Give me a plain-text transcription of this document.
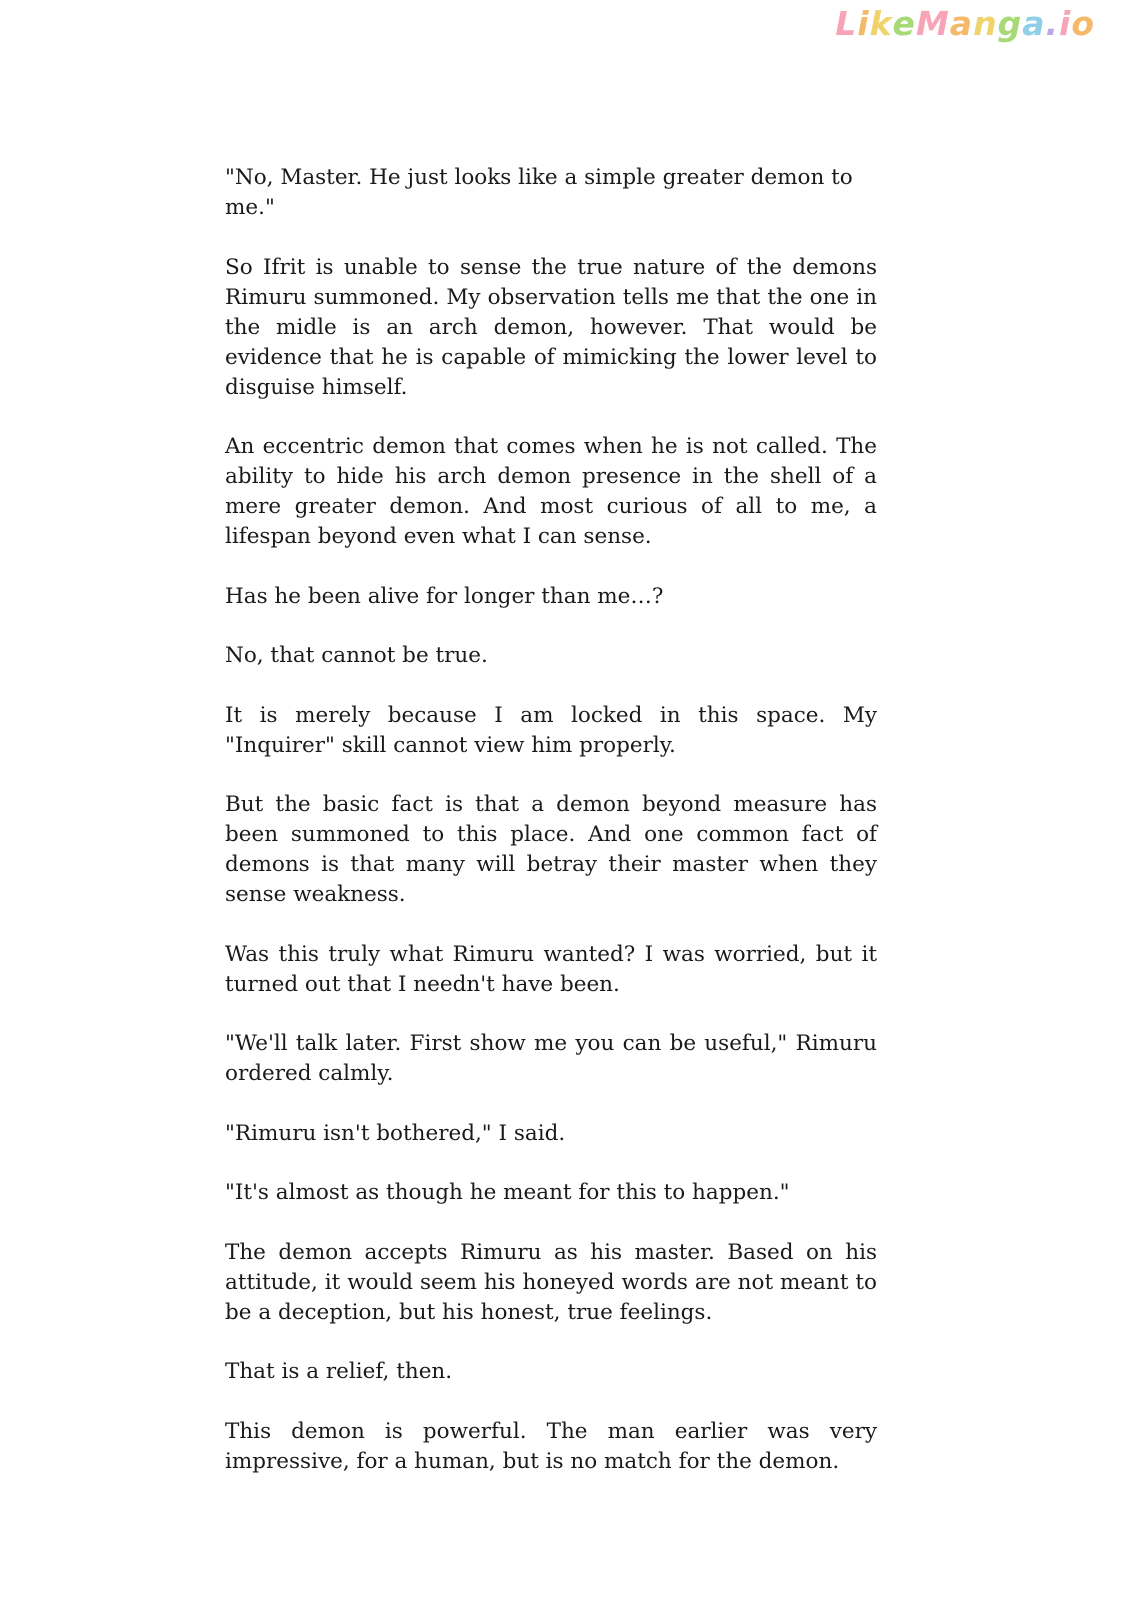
LikeManga.io

"No, Master. He just looks like a simple greater demon to me."

So Ifrit is unable to sense the true nature of the demons Rimuru summoned. My observation tells me that the one in the midle is an arch demon, however. That would be evidence that he is capable of mimicking the lower level to disguise himself.

An eccentric demon that comes when he is not called. The ability to hide his arch demon presence in the shell of a mere greater demon. And most curious of all to me, a lifespan beyond even what I can sense.

Has he been alive for longer than me…?

No, that cannot be true.

It is merely because I am locked in this space. My "Inquirer" skill cannot view him properly.

But the basic fact is that a demon beyond measure has been summoned to this place. And one common fact of demons is that many will betray their master when they sense weakness.

Was this truly what Rimuru wanted? I was worried, but it turned out that I needn't have been.

"We'll talk later. First show me you can be useful," Rimuru ordered calmly.

"Rimuru isn't bothered," I said.

"It's almost as though he meant for this to happen."

The demon accepts Rimuru as his master. Based on his attitude, it would seem his honeyed words are not meant to be a deception, but his honest, true feelings.

That is a relief, then.

This demon is powerful. The man earlier was very impressive, for a human, but is no match for the demon.
